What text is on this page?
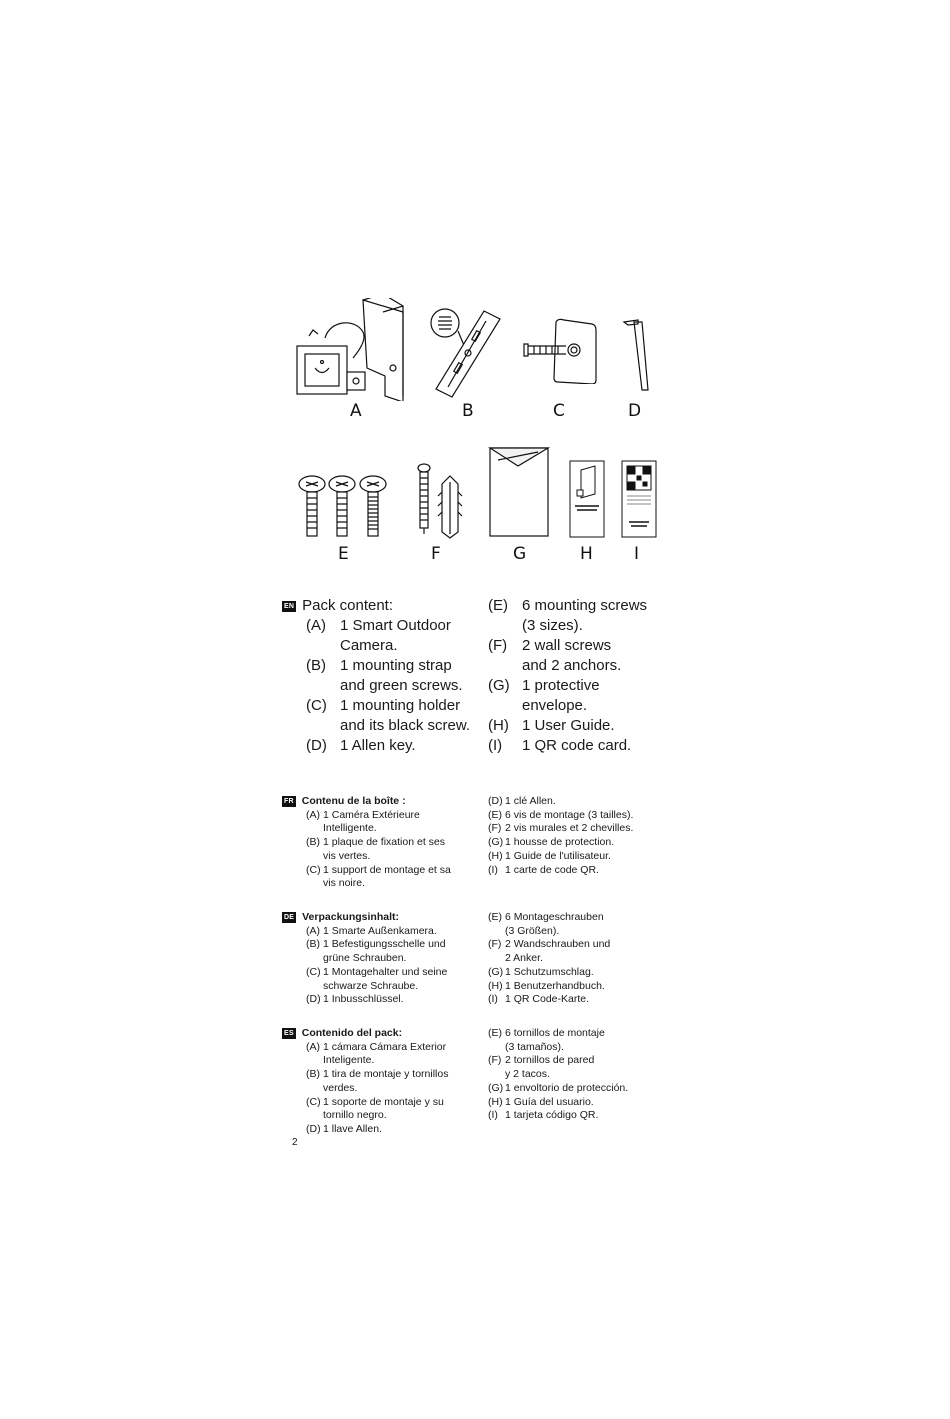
A	B	C	D
E	F	G	H I
EN Pack content:
(A) 1 Smart Outdoor
Camera.
(B) 1 mounting strap
and green screws.
(C) 1 mounting holder
and its black screw.
(D) 1 Allen key.
(E) 6 mounting screws
(3 sizes).
(F) 2 wall screws
and 2 anchors.
(G) 1 protective
envelope.
(H) 1 User Guide.
(I)	1 QR code card.
FR Contenu de la boîte :
(A) 1 Caméra Extérieure
Intelligente.
(B) 1 plaque de fixation et ses
vis vertes.
(C) 1 support de montage et sa
vis noire.
(D) 1 clé Allen.
(E) 6 vis de montage (3 tailles).
(F) 2 vis murales et 2 chevilles.
(G) 1 housse de protection.
(H) 1 Guide de l'utilisateur.
(I) 1 carte de code QR.
DE Verpackungsinhalt:
(A) 1 Smarte Außenkamera.
(B) 1 Befestigungsschelle und
grüne Schrauben.
(C) 1 Montagehalter und seine
schwarze Schraube.
(D) 1 Inbusschlüssel.
(E) 6 Montageschrauben
(3 Größen).
(F) 2 Wandschrauben und
2 Anker.
(G) 1 Schutzumschlag.
(H) 1 Benutzerhandbuch.
(I) 1 QR Code-Karte.
ES Contenido del pack:
(A) 1 cámara Cámara Exterior
Inteligente.
(B) 1 tira de montaje y tornillos
verdes.
(C) 1 soporte de montaje y su
tornillo negro.
(D) 1 llave Allen.
(E) 6 tornillos de montaje
(3 tamaños).
(F) 2 tornillos de pared
y 2 tacos.
(G) 1 envoltorio de protección.
(H) 1 Guía del usuario.
(I) 1 tarjeta código QR.
2
